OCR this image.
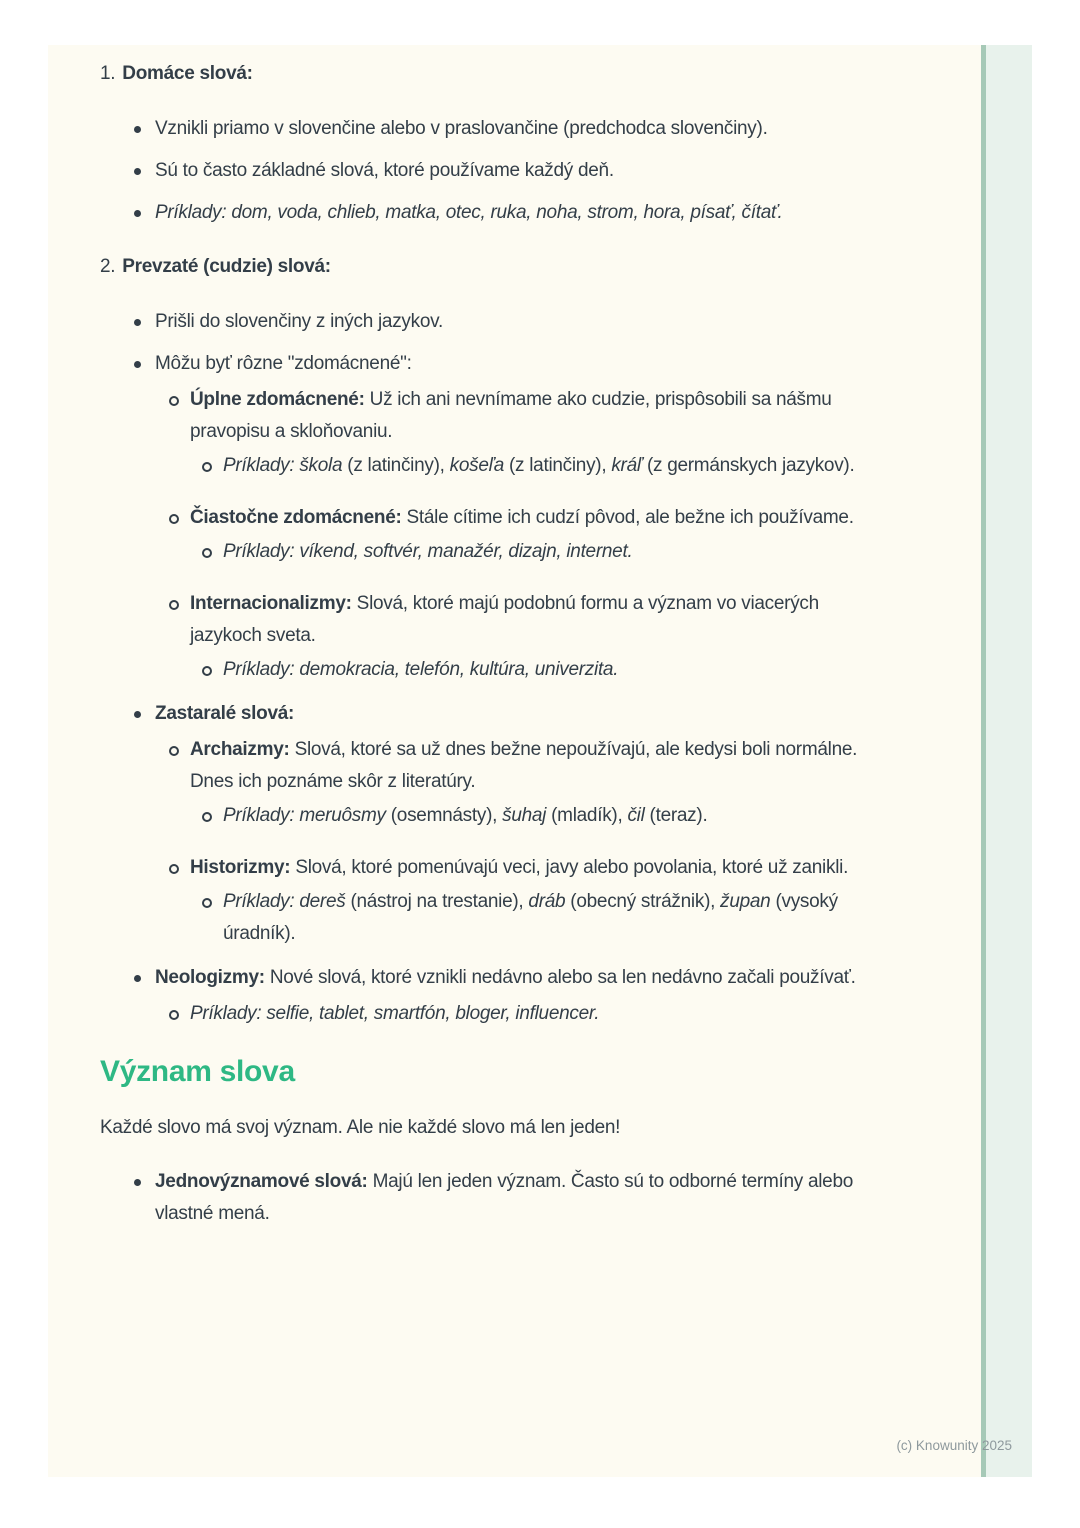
1. Domáce slová:
Vznikli priamo v slovenčine alebo v praslovančine (predchodca slovenčiny).
Sú to často základné slová, ktoré používame každý deň.
Príklady: dom, voda, chlieb, matka, otec, ruka, noha, strom, hora, písať, čítať.
2. Prevzaté (cudzie) slová:
Prišli do slovenčiny z iných jazykov.
Môžu byť rôzne "zdomácnené":
Úplne zdomácnené: Už ich ani nevnímame ako cudzie, prispôsobili sa nášmu pravopisu a skloňovaniu.
Príklady: škola (z latinčiny), košeľa (z latinčiny), kráľ (z germánskych jazykov).
Čiastočne zdomácnené: Stále cítime ich cudzí pôvod, ale bežne ich používame.
Príklady: víkend, softvér, manažér, dizajn, internet.
Internacionalizmy: Slová, ktoré majú podobnú formu a význam vo viacerých jazykoch sveta.
Príklady: demokracia, telefón, kultúra, univerzita.
Zastaralé slová:
Archaizmy: Slová, ktoré sa už dnes bežne nepoužívajú, ale kedysi boli normálne. Dnes ich poznáme skôr z literatúry.
Príklady: meruôsmy (osemnásty), šuhaj (mladík), čil (teraz).
Historizmy: Slová, ktoré pomenúvajú veci, javy alebo povolania, ktoré už zanikli.
Príklady: dereš (nástroj na trestanie), dráb (obecný strážnik), župan (vysoký úradník).
Neologizmy: Nové slová, ktoré vznikli nedávno alebo sa len nedávno začali používať.
Príklady: selfie, tablet, smartfón, bloger, influencer.
Význam slova

Každé slovo má svoj význam. Ale nie každé slovo má len jeden!

Jednovýznamové slová: Majú len jeden význam. Často sú to odborné termíny alebo vlastné mená.
(c) Knowunity 2025
